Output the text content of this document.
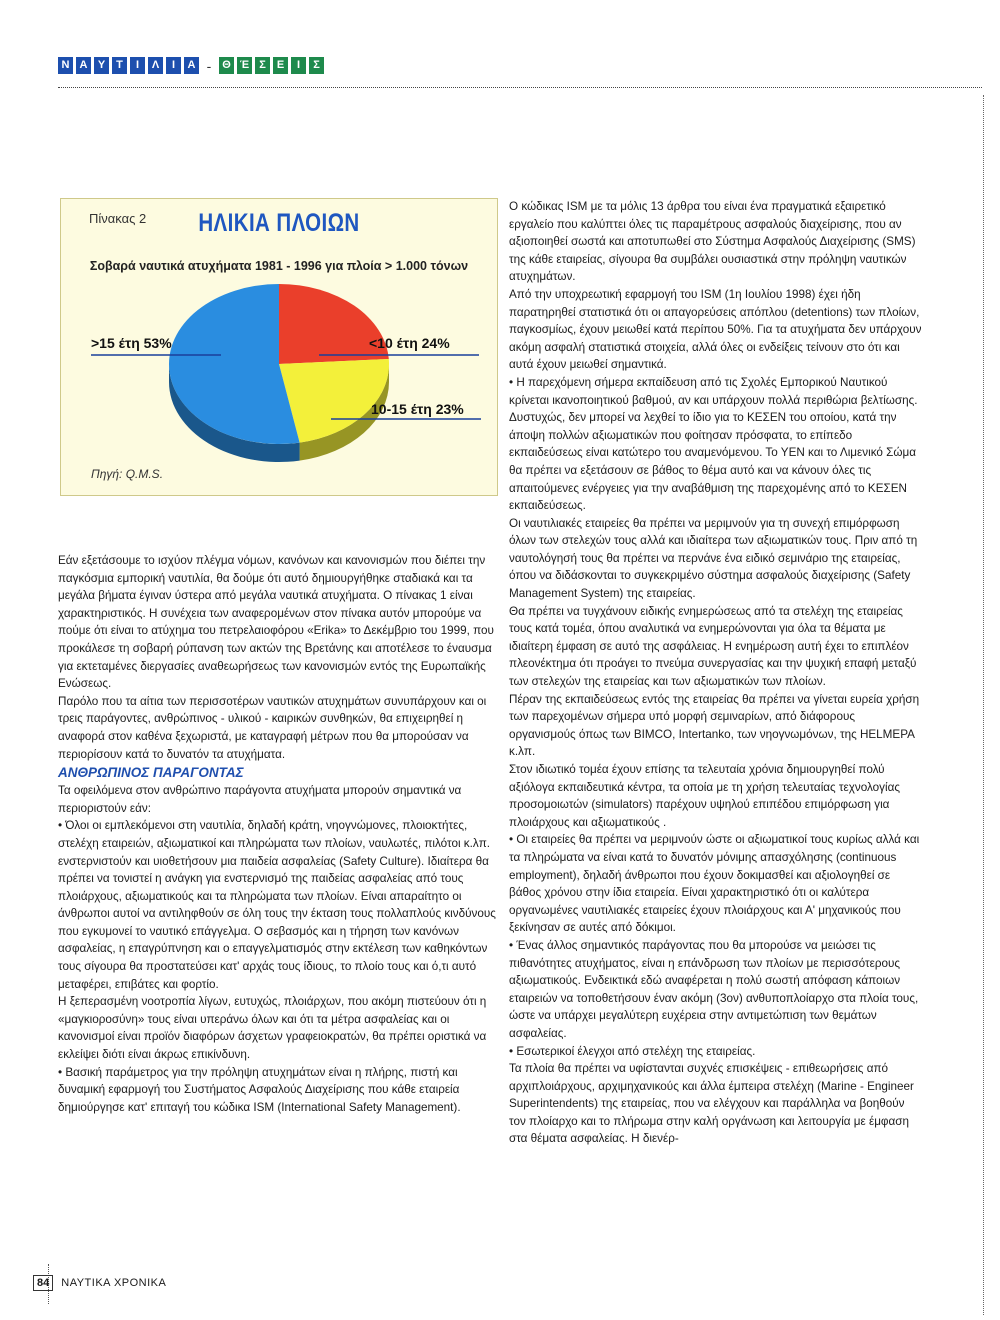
Ν Α Υ Τ	Ι	Λ	Ι	Α - Θ Έ Σ	Ε	Ι	Σ
Πίνακας 2	ΗΛΙΚΙΑ ΠΛΟΙΩΝ
Σοβαρά ναυτικά ατυχήματα 1981 - 1996 για πλοία > 1.000 τόνων
>15 έτη 53%	<10 έτη 24%
10-15 έτη 23%
Πηγή: Q.M.S.

Εάν εξετάσουμε το ισχύον πλέγμα νόμων, κανόνων και κανονισμών που διέπει την παγκόσμια εμπορική ναυτιλία, θα δούμε ότι αυτό δημιουργήθηκε σταδιακά και τα μεγάλα βήματα έγιναν ύστερα από μεγάλα ναυτικά ατυχήματα. Ο πίνακας 1 είναι χαρακτηριστικός. Η συνέχεια των αναφερομένων στον πίνακα αυτόν μπορούμε να πούμε ότι είναι το ατύχημα του πετρελαιοφόρου «Erika» το Δεκέμβριο του 1999, που προκάλεσε τη σοβαρή ρύπανση των ακτών της Βρετάνης και αποτέλεσε το έναυσμα για εκτεταμένες διεργασίες αναθεωρήσεως των κανονισμών εντός της Ευρωπαϊκής Ενώσεως.

Παρόλο που τα αίτια των περισσοτέρων ναυτικών ατυχημάτων συνυπάρχουν και οι τρεις παράγοντες, ανθρώπινος - υλικού - καιρικών συνθηκών, θα επιχειρηθεί η αναφορά στον καθένα ξεχωριστά, με καταγραφή μέτρων που θα μπορούσαν να περιορίσουν κατά το δυνατόν τα ατυχήματα.

ΑΝΘΡΩΠΙΝΟΣ ΠΑΡΑΓΟΝΤΑΣ

Τα οφειλόμενα στον ανθρώπινο παράγοντα ατυχήματα μπορούν σημαντικά να περιοριστούν εάν:

• Όλοι οι εμπλεκόμενοι στη ναυτιλία, δηλαδή κράτη, νηογνώμονες, πλοιοκτήτες, στελέχη εταιρειών, αξιωματικοί και πληρώματα των πλοίων, ναυλωτές, πιλότοι κ.λπ. ενστερνιστούν και υιοθετήσουν μια παιδεία ασφαλείας (Safety Culture). Ιδιαίτερα θα πρέπει να τονιστεί η ανάγκη για ενστερνισμό της παιδείας ασφαλείας από τους πλοιάρχους, αξιωματικούς και τα πληρώματα των πλοίων. Είναι απαραίτητο οι άνθρωποι αυτοί να αντιληφθούν σε όλη τους την έκταση τους πολλαπλούς κινδύνους που εγκυμονεί το ναυτικό επάγγελμα. Ο σεβασμός και η τήρηση των κανόνων ασφαλείας, η επαγρύπνηση και ο επαγγελματισμός στην εκτέλεση των καθηκόντων τους σίγουρα θα προστατεύσει κατ' αρχάς τους ίδιους, το πλοίο τους και ό,τι αυτό μεταφέρει, επιβάτες και φορτίο.

Η ξεπερασμένη νοοτροπία λίγων, ευτυχώς, πλοιάρχων, που ακόμη πιστεύουν ότι η «μαγκιοροσύνη» τους είναι υπεράνω όλων και ότι τα μέτρα ασφαλείας και οι κανονισμοί είναι προϊόν διαφόρων άσχετων γραφειοκρατών, θα πρέπει οριστικά να εκλείψει διότι είναι άκρως επικίνδυνη.

• Βασική παράμετρος για την πρόληψη ατυχημάτων είναι η πλήρης, πιστή και δυναμική εφαρμογή του Συστήματος Ασφαλούς Διαχείρισης που κάθε εταιρεία δημιούργησε κατ' επιταγή του κώδικα ISM (International Safety Management).

Ο κώδικας ISM με τα μόλις 13 άρθρα του είναι ένα πραγματικά εξαιρετικό εργαλείο που καλύπτει όλες τις παραμέτρους ασφαλούς διαχείρισης, που αν αξιοποιηθεί σωστά και αποτυπωθεί στο Σύστημα Ασφαλούς Διαχείρισης (SMS) της κάθε εταιρείας, σίγουρα θα συμβάλει ουσιαστικά στην πρόληψη ναυτικών ατυχημάτων.

Από την υποχρεωτική εφαρμογή του ISM (1η Ιουλίου 1998) έχει ήδη παρατηρηθεί στατιστικά ότι οι απαγορεύσεις απόπλου (detentions) των πλοίων, παγκοσμίως, έχουν μειωθεί κατά περίπου 50%. Για τα ατυχήματα δεν υπάρχουν ακόμη ασφαλή στατιστικά στοιχεία, αλλά όλες οι ενδείξεις τείνουν στο ότι και αυτά έχουν μειωθεί σημαντικά.

• Η παρεχόμενη σήμερα εκπαίδευση από τις Σχολές Εμπορικού Ναυτικού κρίνεται ικανοποιητικού βαθμού, αν και υπάρχουν πολλά περιθώρια βελτίωσης.

Δυστυχώς, δεν μπορεί να λεχθεί το ίδιο για το ΚΕΣΕΝ του οποίου, κατά την άποψη πολλών αξιωματικών που φοίτησαν πρόσφατα, το επίπεδο εκπαιδεύσεως είναι κατώτερο του αναμενόμενου. Το ΥΕΝ και το Λιμενικό Σώμα θα πρέπει να εξετάσουν σε βάθος το θέμα αυτό και να κάνουν όλες τις απαιτούμενες ενέργειες για την αναβάθμιση της παρεχομένης από το ΚΕΣΕΝ εκπαιδεύσεως.

Οι ναυτιλιακές εταιρείες θα πρέπει να μεριμνούν για τη συνεχή επιμόρφωση όλων των στελεχών τους αλλά και ιδιαίτερα των αξιωματικών τους. Πριν από τη ναυτολόγησή τους θα πρέπει να περνάνε ένα ειδικό σεμινάριο της εταιρείας, όπου να διδάσκονται το συγκεκριμένο σύστημα ασφαλούς διαχείρισης (Safety Management System) της εταιρείας.

Θα πρέπει να τυγχάνουν ειδικής ενημερώσεως από τα στελέχη της εταιρείας τους κατά τομέα, όπου αναλυτικά να ενημερώνονται για όλα τα θέματα με ιδιαίτερη έμφαση σε αυτό της ασφάλειας. Η ενημέρωση αυτή έχει το επιπλέον πλεονέκτημα ότι προάγει το πνεύμα συνεργασίας και την ψυχική επαφή μεταξύ των στελεχών της εταιρείας και των αξιωματικών των πλοίων.

Πέραν της εκπαιδεύσεως εντός της εταιρείας θα πρέπει να γίνεται ευρεία χρήση των παρεχομένων σήμερα υπό μορφή σεμιναρίων, από διάφορους οργανισμούς όπως των BIMCO, Intertanko, των νηογνωμόνων, της HELMEPA κ.λπ.

Στον ιδιωτικό τομέα έχουν επίσης τα τελευταία χρόνια δημιουργηθεί πολύ αξιόλογα εκπαιδευτικά κέντρα, τα οποία με τη χρήση τελευταίας τεχνολογίας προσομοιωτών (simulators) παρέχουν υψηλού επιπέδου επιμόρφωση για πλοιάρχους και αξιωματικούς .

• Οι εταιρείες θα πρέπει να μεριμνούν ώστε οι αξιωματικοί τους κυρίως αλλά και τα πληρώματα να είναι κατά το δυνατόν μόνιμης απασχόλησης (continuous employment), δηλαδή άνθρωποι που έχουν δοκιμασθεί και αξιολογηθεί σε βάθος χρόνου στην ίδια εταιρεία. Είναι χαρακτηριστικό ότι οι καλύτερα οργανωμένες ναυτιλιακές εταιρείες έχουν πλοιάρχους και Α' μηχανικούς που ξεκίνησαν σε αυτές από δόκιμοι.

• Ένας άλλος σημαντικός παράγοντας που θα μπορούσε να μειώσει τις πιθανότητες ατυχήματος, είναι η επάνδρωση των πλοίων με περισσότερους αξιωματικούς. Ενδεικτικά εδώ αναφέρεται η πολύ σωστή απόφαση κάποιων εταιρειών να τοποθετήσουν έναν ακόμη (3ον) ανθυποπλοίαρχο στα πλοία τους, ώστε να υπάρχει μεγαλύτερη ευχέρεια στην αντιμετώπιση των θεμάτων ασφαλείας.

• Εσωτερικοί έλεγχοι από στελέχη της εταιρείας.

Τα πλοία θα πρέπει να υφίστανται συχνές επισκέψεις - επιθεωρήσεις από αρχιπλοιάρχους, αρχιμηχανικούς και άλλα έμπειρα στελέχη (Marine - Engineer Superintendents) της εταιρείας, που να ελέγχουν και παράλληλα να βοηθούν τον πλοίαρχο και το πλήρωμα στην καλή οργάνωση και λειτουργία με έμφαση στα θέματα ασφαλείας. Η διενέρ-

84	ΝΑΥΤΙΚΑ ΧΡΟΝΙΚΑ
